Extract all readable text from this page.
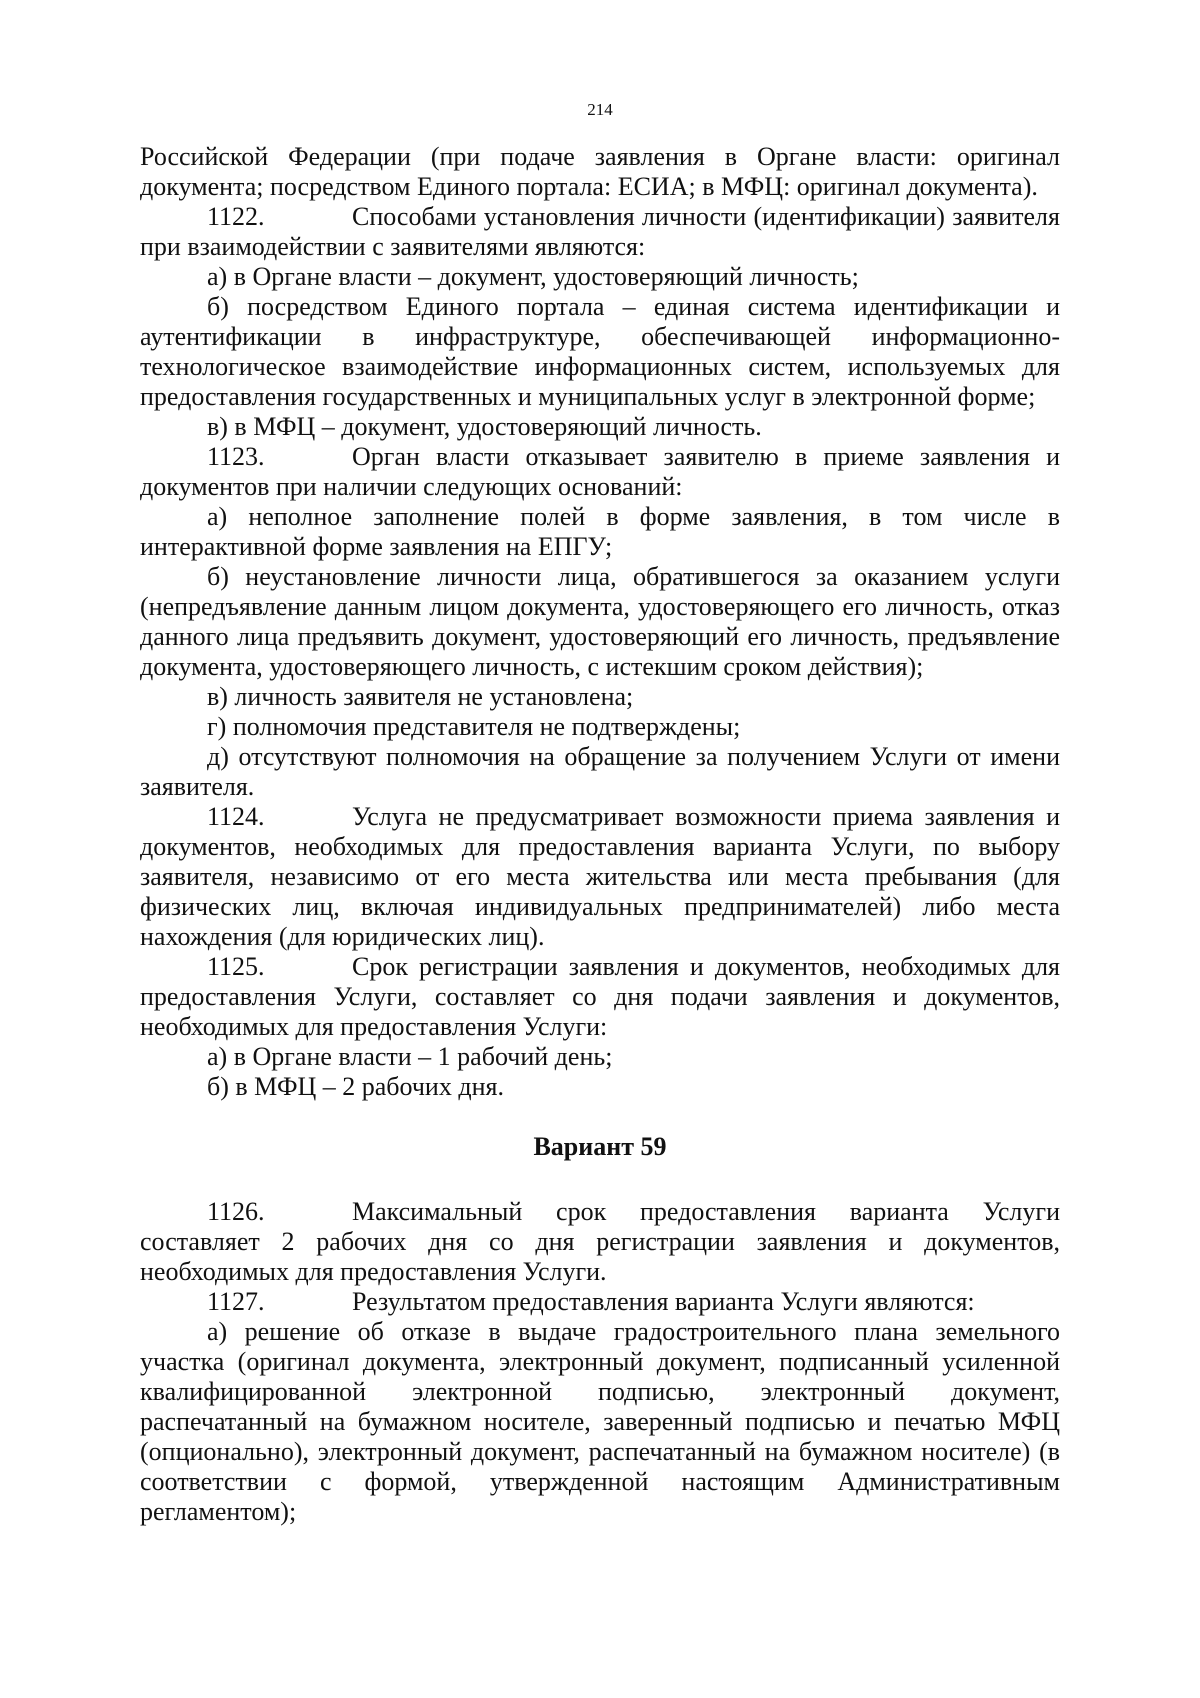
214

Российской Федерации (при подаче заявления в Органе власти: оригинал документа; посредством Единого портала: ЕСИА; в МФЦ: оригинал документа).

1122.	Способами установления личности (идентификации) заявителя при взаимодействии с заявителями являются:

а) в Органе власти – документ, удостоверяющий личность;

б) посредством Единого портала – единая система идентификации и аутентификации в инфраструктуре, обеспечивающей информационно-технологическое взаимодействие информационных систем, используемых для предоставления государственных и муниципальных услуг в электронной форме;

в) в МФЦ – документ, удостоверяющий личность.

1123.	Орган власти отказывает заявителю в приеме заявления и документов при наличии следующих оснований:

а) неполное заполнение полей в форме заявления, в том числе в интерактивной форме заявления на ЕПГУ;

б) неустановление личности лица, обратившегося за оказанием услуги (непредъявление данным лицом документа, удостоверяющего его личность, отказ данного лица предъявить документ, удостоверяющий его личность, предъявление документа, удостоверяющего личность, с истекшим сроком действия);

в) личность заявителя не установлена;

г) полномочия представителя не подтверждены;

д) отсутствуют полномочия на обращение за получением Услуги от имени заявителя.

1124.	Услуга не предусматривает возможности приема заявления и документов, необходимых для предоставления варианта Услуги, по выбору заявителя, независимо от его места жительства или места пребывания (для физических лиц, включая индивидуальных предпринимателей) либо места нахождения (для юридических лиц).

1125.	Срок регистрации заявления и документов, необходимых для предоставления Услуги, составляет со дня подачи заявления и документов, необходимых для предоставления Услуги:

а) в Органе власти – 1 рабочий день;

б) в МФЦ – 2 рабочих дня.

Вариант 59

1126.	Максимальный срок предоставления варианта Услуги составляет 2 рабочих дня со дня регистрации заявления и документов, необходимых для предоставления Услуги.

1127.	Результатом предоставления варианта Услуги являются:

а) решение об отказе в выдаче градостроительного плана земельного участка (оригинал документа, электронный документ, подписанный усиленной квалифицированной электронной подписью, электронный документ, распечатанный на бумажном носителе, заверенный подписью и печатью МФЦ (опционально), электронный документ, распечатанный на бумажном носителе) (в соответствии с формой, утвержденной настоящим Административным регламентом);
